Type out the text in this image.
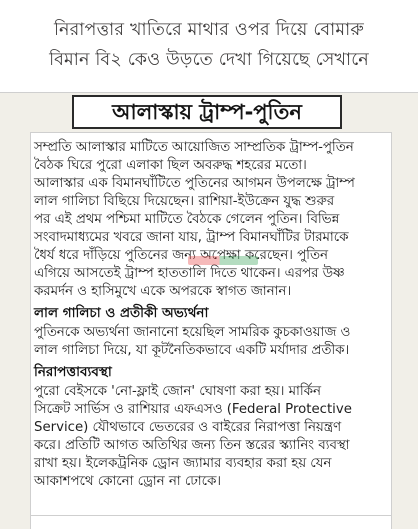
নিরাপত্তার খাতিরে মাথার ওপর দিয়ে বোমারু
বিমান বি২ কেও উড়তে দেখা গিয়েছে সেখানে
আলাস্কায় ট্রাম্প-পুতিন
সম্প্রতি আলাস্কার মাটিতে আয়োজিত সাম্প্রতিক ট্রাম্প-পুতিন
বৈঠক ঘিরে পুরো এলাকা ছিল অবরুদ্ধ শহরের মতো।
আলাস্কার এক বিমানঘাঁটিতে পুতিনের আগমন উপলক্ষে ট্রাম্প
লাল গালিচা বিছিয়ে দিয়েছেন। রাশিয়া-ইউক্রেন যুদ্ধ শুরুর
পর এই প্রথম পশ্চিমা মাটিতে বৈঠকে গেলেন পুতিন। বিভিন্ন
সংবাদমাধ্যমের খবরে জানা যায়, ট্রাম্প বিমানঘাঁটির টারমাকে
ধৈর্য ধরে দাঁড়িয়ে পুতিনের জন্য অপেক্ষা করেছেন। পুতিন
এগিয়ে আসতেই ট্রাম্প হাততালি দিতে থাকেন। এরপর উষ্ণ
করমর্দন ও হাসিমুখে একে অপরকে স্বাগত জানান।
লাল গালিচা ও প্রতীকী অভ্যর্থনা
পুতিনকে অভ্যর্থনা জানানো হয়েছিল সামরিক কুচকাওয়াজ ও
লাল গালিচা দিয়ে, যা কূটনৈতিকভাবে একটি মর্যাদার প্রতীক।
নিরাপত্তাব্যবস্থা
পুরো বেইসকে 'নো-ফ্লাই জোন' ঘোষণা করা হয়। মার্কিন
সিক্রেট সার্ভিস ও রাশিয়ার এফএসও (Federal Protective
Service) যৌথভাবে ভেতরের ও বাইরের নিরাপত্তা নিয়ন্ত্রণ
করে। প্রতিটি আগত অতিথির জন্য তিন স্তরের স্ক্যানিং ব্যবস্থা
রাখা হয়। ইলেকট্রনিক ড্রোন জ্যামার ব্যবহার করা হয় যেন
আকাশপথে কোনো ড্রোন না ঢোকে।
